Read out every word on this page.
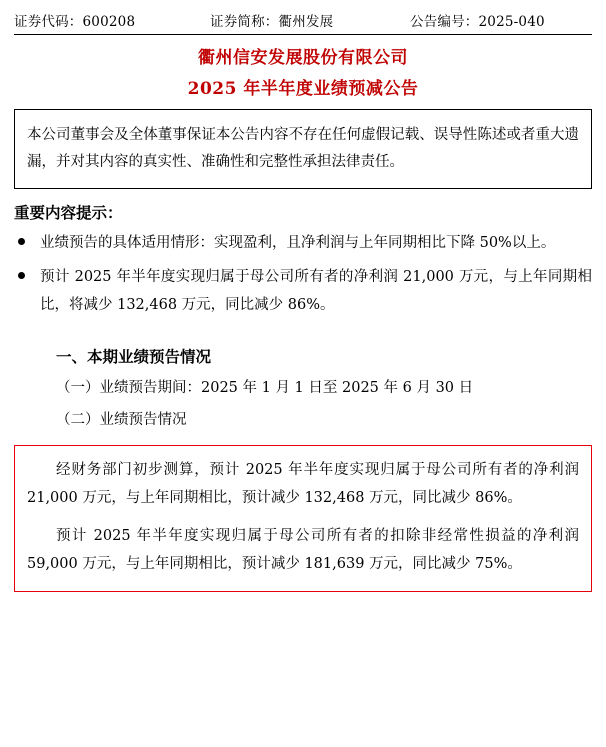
证券代码：600208	证券简称：衢州发展	公告编号：2025-040
衢州信安发展股份有限公司
2025 年半年度业绩预减公告

本公司董事会及全体董事保证本公告内容不存在任何虚假记载、误导性陈述或者重大遗漏，并对其内容的真实性、准确性和完整性承担法律责任。

重要内容提示：
业绩预告的具体适用情形：实现盈利，且净利润与上年同期相比下降 50%以上。
预计 2025 年半年度实现归属于母公司所有者的净利润 21,000 万元，与上年同期相比，将减少 132,468 万元，同比减少 86%。
一、本期业绩预告情况
（一）业绩预告期间：2025 年 1 月 1 日至 2025 年 6 月 30 日
（二）业绩预告情况

经财务部门初步测算，预计 2025 年半年度实现归属于母公司所有者的净利润 21,000 万元，与上年同期相比，预计减少 132,468 万元，同比减少 86%。

预计 2025 年半年度实现归属于母公司所有者的扣除非经常性损益的净利润 59,000 万元，与上年同期相比，预计减少 181,639 万元，同比减少 75%。
